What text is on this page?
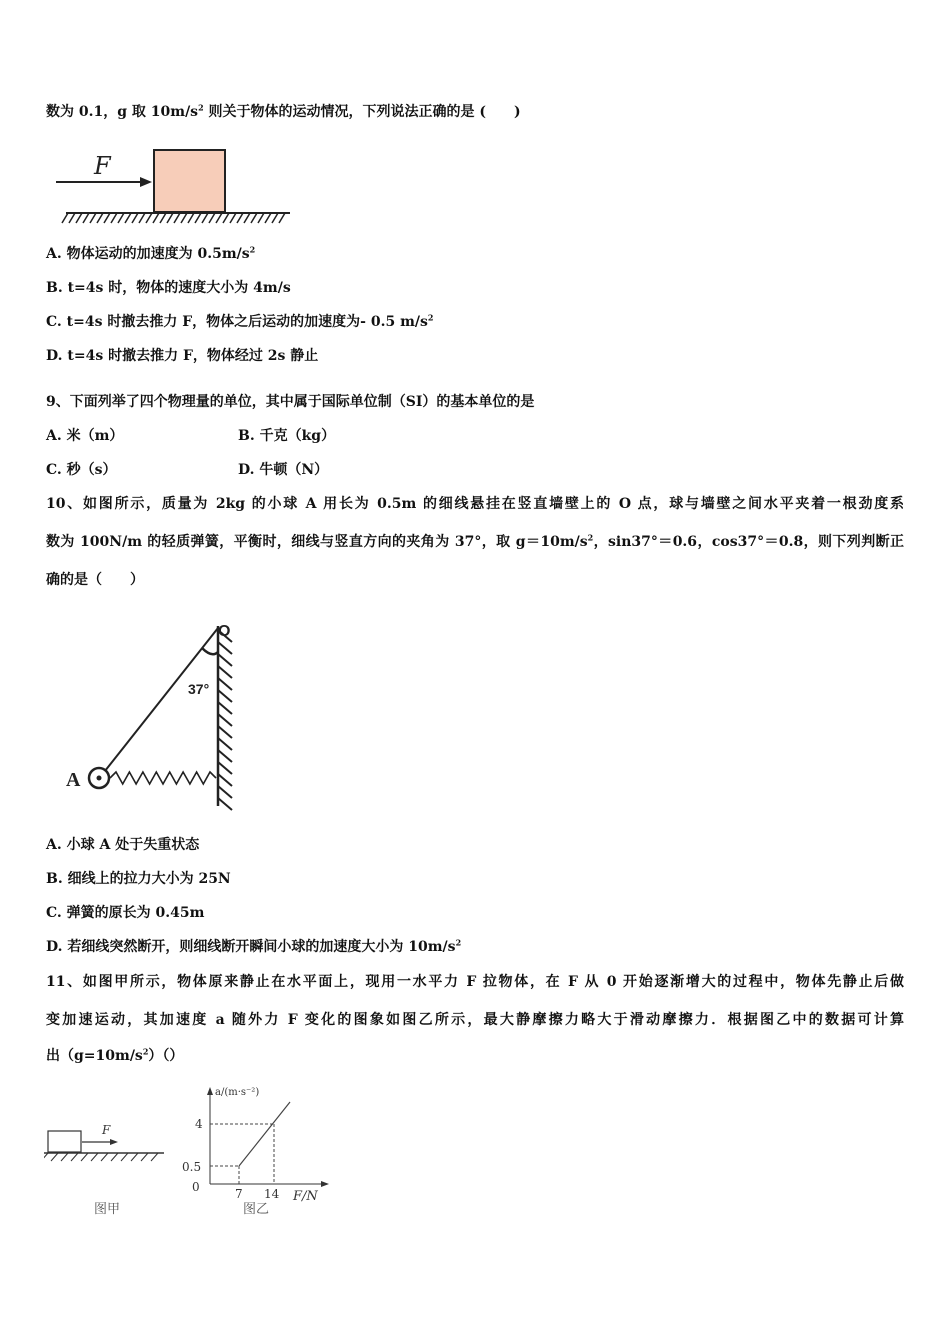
数为 0.1，g 取 $10m/s^2$ 则关于物体的运动情况，下列说法正确的是 (　　)
F
A. 物体运动的加速度为 $0.5m/s^2$
B. t=4s 时，物体的速度大小为 4m/s
C. t=4s 时撤去推力 F，物体之后运动的加速度为- 0.5 $m/s^2$
D. t=4s 时撤去推力 F，物体经过 2s 静止
9、下面列举了四个物理量的单位，其中属于国际单位制（SI）的基本单位的是
A. 米（m）	B. 千克（kg）
C. 秒（s）	D. 牛顿（N）
10、如图所示，质量为 2kg 的小球 A 用长为 0.5m 的细线悬挂在竖直墙壁上的 O 点，球与墙壁之间水平夹着一根劲度系
数为 100N/m 的轻质弹簧，平衡时，细线与竖直方向的夹角为 37°，取 $g=10m/s^2$，sin37°＝0.6，cos37°＝0.8，则下列判断正
确的是（　　）
O
37°
A
A. 小球 A 处于失重状态
B. 细线上的拉力大小为 25N
C. 弹簧的原长为 0.45m
D. 若细线突然断开，则细线断开瞬间小球的加速度大小为 $10m/s^2$
11、如图甲所示，物体原来静止在水平面上，现用一水平力 F 拉物体，在 F 从 0 开始逐渐增大的过程中，物体先静止后做
变加速运动，其加速度 a 随外力 F 变化的图象如图乙所示，最大静摩擦力略大于滑动摩擦力．根据图乙中的数据可计算
出$(g=10m/s^2)()$
F
图甲
a/(m·s⁻²)
F/N
0
0.5
4
7 14
图乙
